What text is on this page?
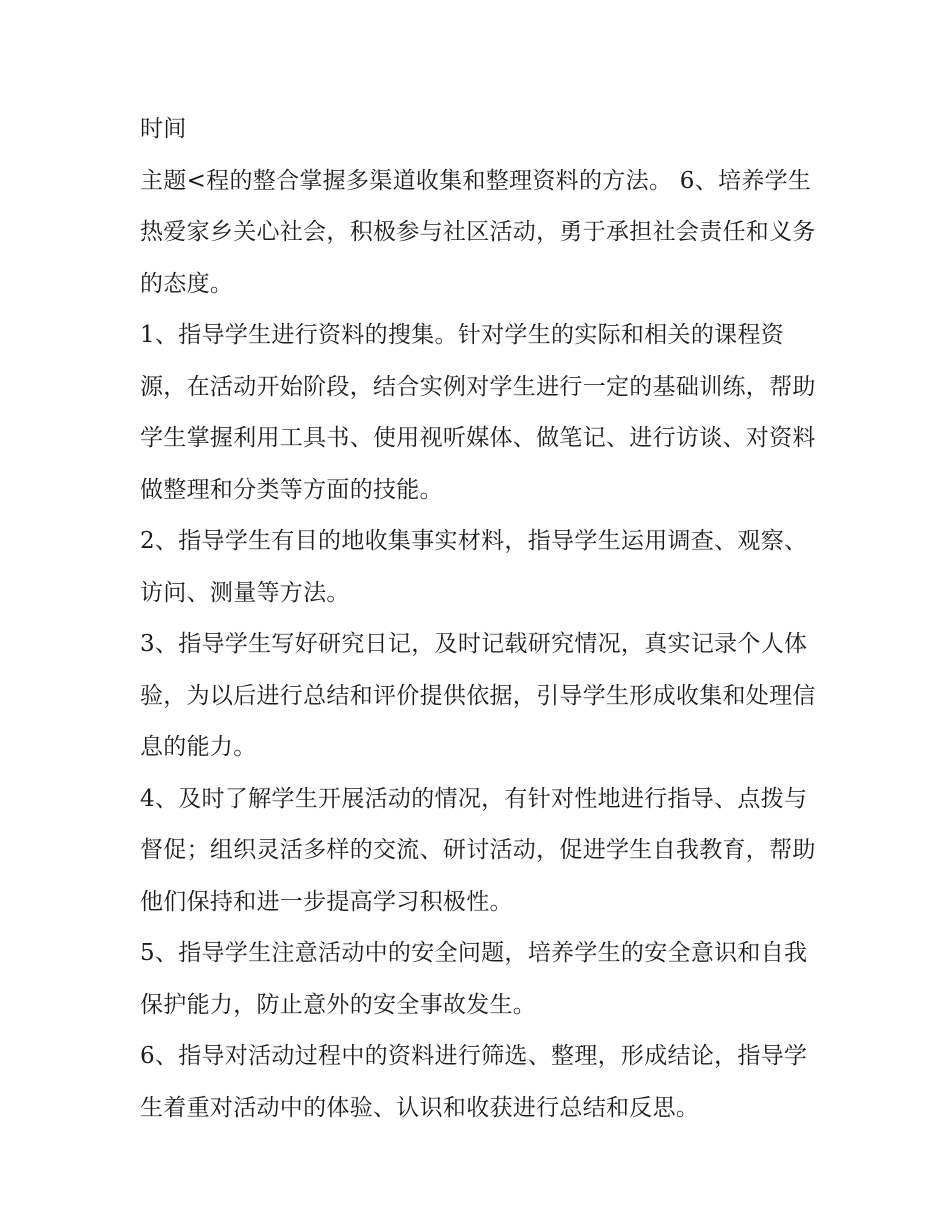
时间

主题<程的整合掌握多渠道收集和整理资料的方法。 6、培养学生热爱家乡关心社会，积极参与社区活动，勇于承担社会责任和义务的态度。

1、指导学生进行资料的搜集。针对学生的实际和相关的课程资源，在活动开始阶段，结合实例对学生进行一定的基础训练，帮助学生掌握利用工具书、使用视听媒体、做笔记、进行访谈、对资料做整理和分类等方面的技能。

2、指导学生有目的地收集事实材料，指导学生运用调查、观察、访问、测量等方法。

3、指导学生写好研究日记，及时记载研究情况，真实记录个人体验，为以后进行总结和评价提供依据，引导学生形成收集和处理信息的能力。

4、及时了解学生开展活动的情况，有针对性地进行指导、点拨与督促；组织灵活多样的交流、研讨活动，促进学生自我教育，帮助他们保持和进一步提高学习积极性。

5、指导学生注意活动中的安全问题，培养学生的安全意识和自我保护能力，防止意外的安全事故发生。

6、指导对活动过程中的资料进行筛选、整理，形成结论，指导学生着重对活动中的体验、认识和收获进行总结和反思。
